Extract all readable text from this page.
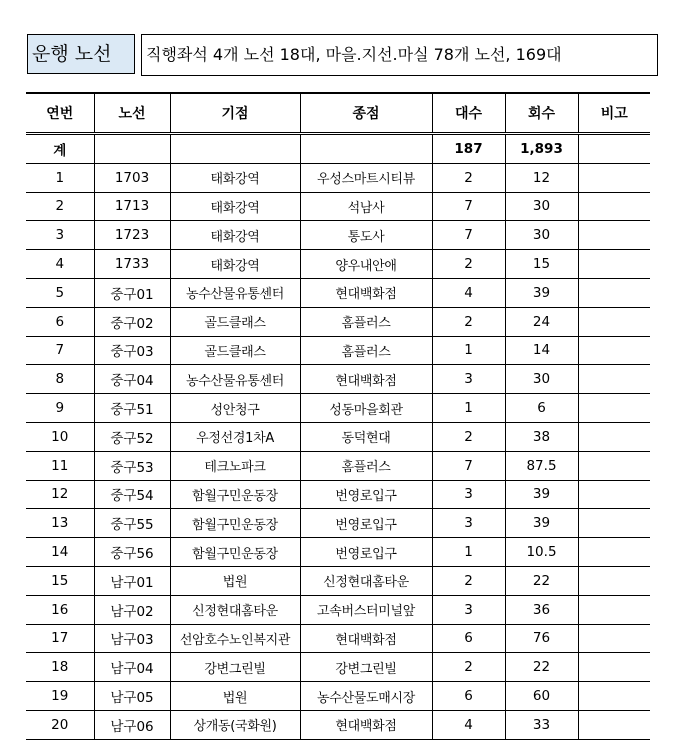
운행 노선	직행좌석 4개 노선 18대, 마을.지선.마실 78개 노선, 169대
연번	노선	기점	종점	대수	회수	비고
계				187	1,893	
1	1703	태화강역	우성스마트시티뷰	2	12	
2	1713	태화강역	석남사	7	30	
3	1723	태화강역	통도사	7	30	
4	1733	태화강역	양우내안애	2	15	
5	중구01	농수산물유통센터	현대백화점	4	39	
6	중구02	골드클래스	홈플러스	2	24	
7	중구03	골드클래스	홈플러스	1	14	
8	중구04	농수산물유통센터	현대백화점	3	30	
9	중구51	성안청구	성동마을회관	1	6	
10	중구52	우정선경1차A	동덕현대	2	38	
11	중구53	테크노파크	홈플러스	7	87.5	
12	중구54	함월구민운동장	번영로입구	3	39	
13	중구55	함월구민운동장	번영로입구	3	39	
14	중구56	함월구민운동장	번영로입구	1	10.5	
15	남구01	법원	신정현대홈타운	2	22	
16	남구02	신정현대홈타운	고속버스터미널앞	3	36	
17	남구03	선암호수노인복지관	현대백화점	6	76	
18	남구04	강변그린빌	강변그린빌	2	22	
19	남구05	법원	농수산물도매시장	6	60	
20	남구06	상개동(국화원)	현대백화점	4	33	
